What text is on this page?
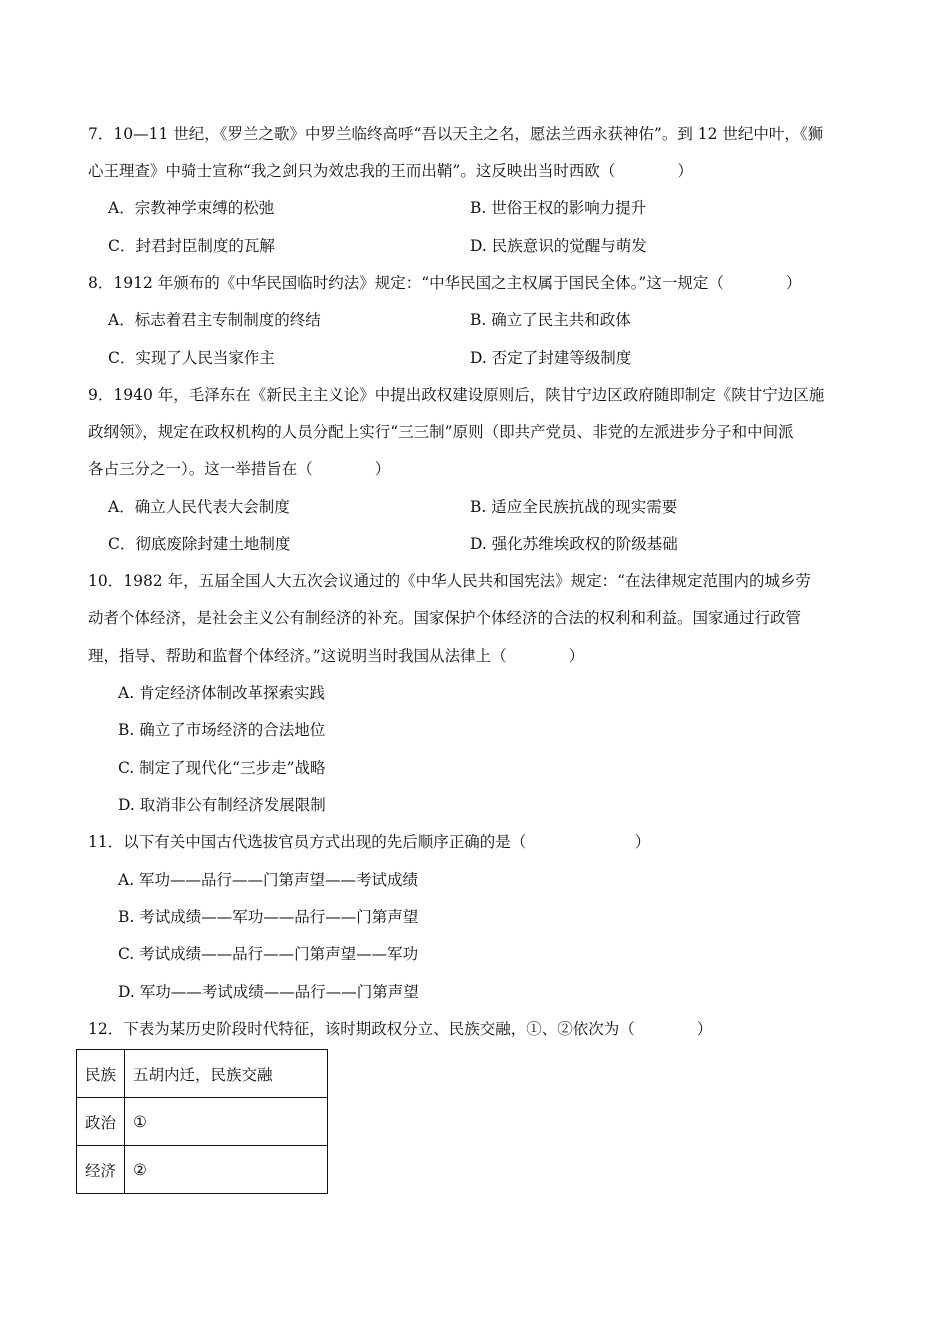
7．10—11 世纪，《罗兰之歌》中罗兰临终高呼“吾以天主之名，愿法兰西永获神佑”。到 12 世纪中叶，《狮
心王理查》中骑士宣称“我之剑只为效忠我的王而出鞘”。这反映出当时西欧（　　　　）
A．宗教神学束缚的松弛	B. 世俗王权的影响力提升
C．封君封臣制度的瓦解	D. 民族意识的觉醒与萌发
8．1912 年颁布的《中华民国临时约法》规定：“中华民国之主权属于国民全体。”这一规定（　　　　）
A．标志着君主专制制度的终结	B. 确立了民主共和政体
C．实现了人民当家作主	D. 否定了封建等级制度
9．1940 年，毛泽东在《新民主主义论》中提出政权建设原则后，陕甘宁边区政府随即制定《陕甘宁边区施
政纲领》，规定在政权机构的人员分配上实行“三三制”原则（即共产党员、非党的左派进步分子和中间派
各占三分之一）。这一举措旨在（　　　　）
A．确立人民代表大会制度	B. 适应全民族抗战的现实需要
C．彻底废除封建土地制度	D. 强化苏维埃政权的阶级基础
10．1982 年，五届全国人大五次会议通过的《中华人民共和国宪法》规定：“在法律规定范围内的城乡劳
动者个体经济，是社会主义公有制经济的补充。国家保护个体经济的合法的权利和利益。国家通过行政管
理，指导、帮助和监督个体经济。”这说明当时我国从法律上（　　　　）
A. 肯定经济体制改革探索实践
B. 确立了市场经济的合法地位
C. 制定了现代化“三步走”战略
D. 取消非公有制经济发展限制
11．以下有关中国古代选拔官员方式出现的先后顺序正确的是（　　　　　　　）
A. 军功——品行——门第声望——考试成绩
B. 考试成绩——军功——品行——门第声望
C. 考试成绩——品行——门第声望——军功
D. 军功——考试成绩——品行——门第声望
12．下表为某历史阶段时代特征，该时期政权分立、民族交融，①、②依次为（　　　　）
民族	五胡内迁，民族交融
政治	①
经济	②
